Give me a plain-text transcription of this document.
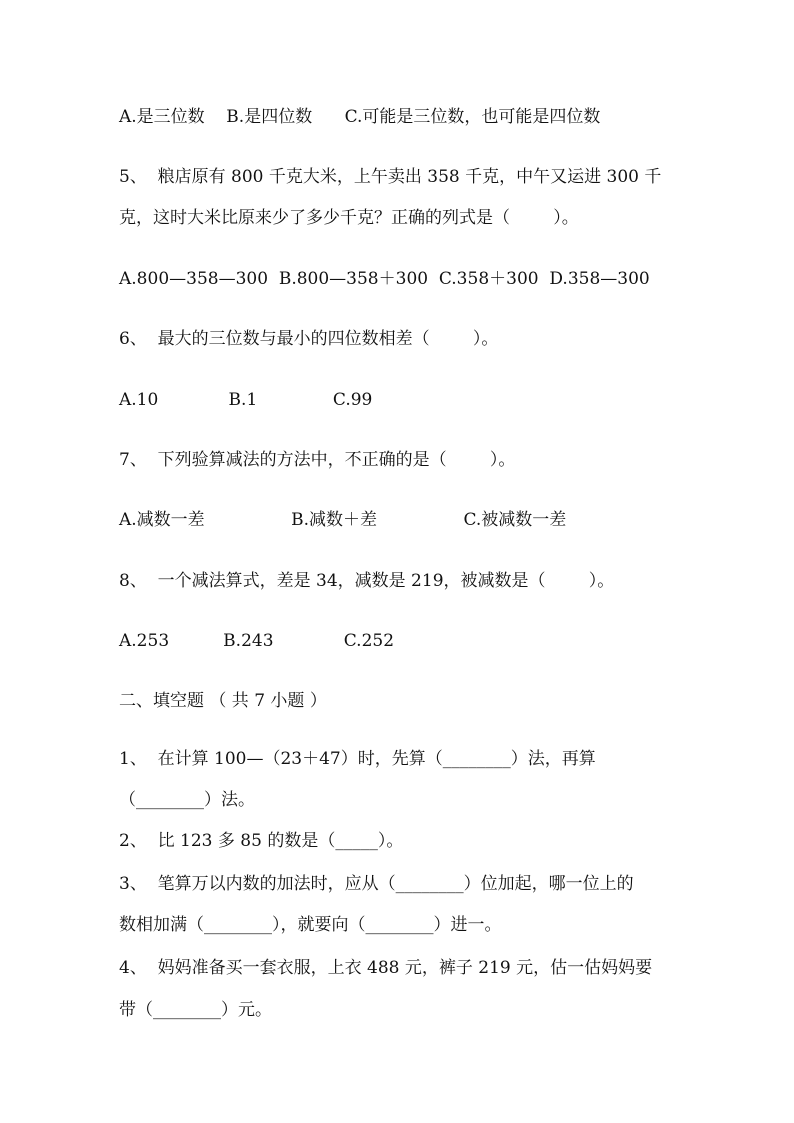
A.是三位数    B.是四位数      C.可能是三位数，也可能是四位数
5、  粮店原有 800 千克大米，上午卖出 358 千克，中午又运进 300 千
克，这时大米比原来少了多少千克？正确的列式是（        ）。
A.800—358—300  B.800—358＋300  C.358＋300  D.358—300
6、  最大的三位数与最小的四位数相差（        ）。
A.10             B.1              C.99
7、  下列验算减法的方法中，不正确的是（        ）。
A.减数一差                B.减数＋差                C.被减数一差
8、  一个减法算式，差是 34，减数是 219，被减数是（        ）。
A.253          B.243             C.252
二、填空题 （ 共 7 小题 ）
1、  在计算 100—（23＋47）时，先算（________）法，再算
（________）法。
2、  比 123 多 85 的数是（_____）。
3、  笔算万以内数的加法时，应从（________）位加起，哪一位上的
数相加满（________），就要向（________）进一。
4、  妈妈准备买一套衣服，上衣 488 元，裤子 219 元，估一估妈妈要
带（________）元。
